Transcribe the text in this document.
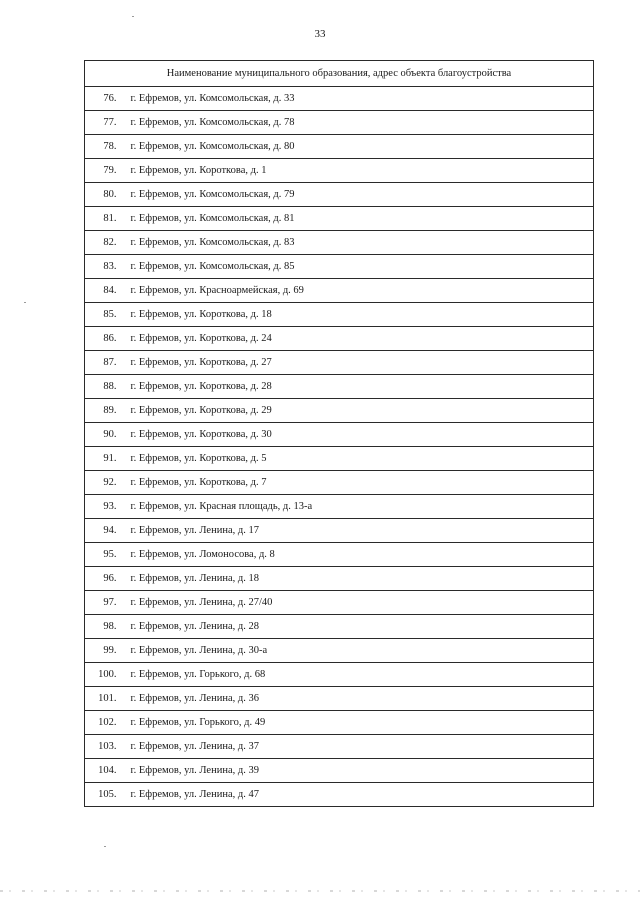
33
Наименование муниципального образования, адрес объекта благоустройства	
76.	г. Ефремов, ул. Комсомольская, д. 33
77.	г. Ефремов, ул. Комсомольская, д. 78
78.	г. Ефремов, ул. Комсомольская, д. 80
79.	г. Ефремов, ул. Короткова, д. 1
80.	г. Ефремов, ул. Комсомольская, д. 79
81.	г. Ефремов, ул. Комсомольская, д. 81
82.	г. Ефремов, ул. Комсомольская, д. 83
83.	г. Ефремов, ул. Комсомольская, д. 85
84.	г. Ефремов, ул. Красноармейская, д. 69
85.	г. Ефремов, ул. Короткова, д. 18
86.	г. Ефремов, ул. Короткова, д. 24
87.	г. Ефремов, ул. Короткова, д. 27
88.	г. Ефремов, ул. Короткова, д. 28
89.	г. Ефремов, ул. Короткова, д. 29
90.	г. Ефремов, ул. Короткова, д. 30
91.	г. Ефремов, ул. Короткова, д. 5
92.	г. Ефремов, ул. Короткова, д. 7
93.	г. Ефремов, ул. Красная площадь, д. 13-а
94.	г. Ефремов, ул. Ленина, д. 17
95.	г. Ефремов, ул. Ломоносова, д. 8
96.	г. Ефремов, ул. Ленина, д. 18
97.	г. Ефремов, ул. Ленина, д. 27/40
98.	г. Ефремов, ул. Ленина, д. 28
99.	г. Ефремов, ул. Ленина, д. 30-а
100.	г. Ефремов, ул. Горького, д. 68
101.	г. Ефремов, ул. Ленина, д. 36
102.	г. Ефремов, ул. Горького, д. 49
103.	г. Ефремов, ул. Ленина, д. 37
104.	г. Ефремов, ул. Ленина, д. 39
105.	г. Ефремов, ул. Ленина, д. 47
